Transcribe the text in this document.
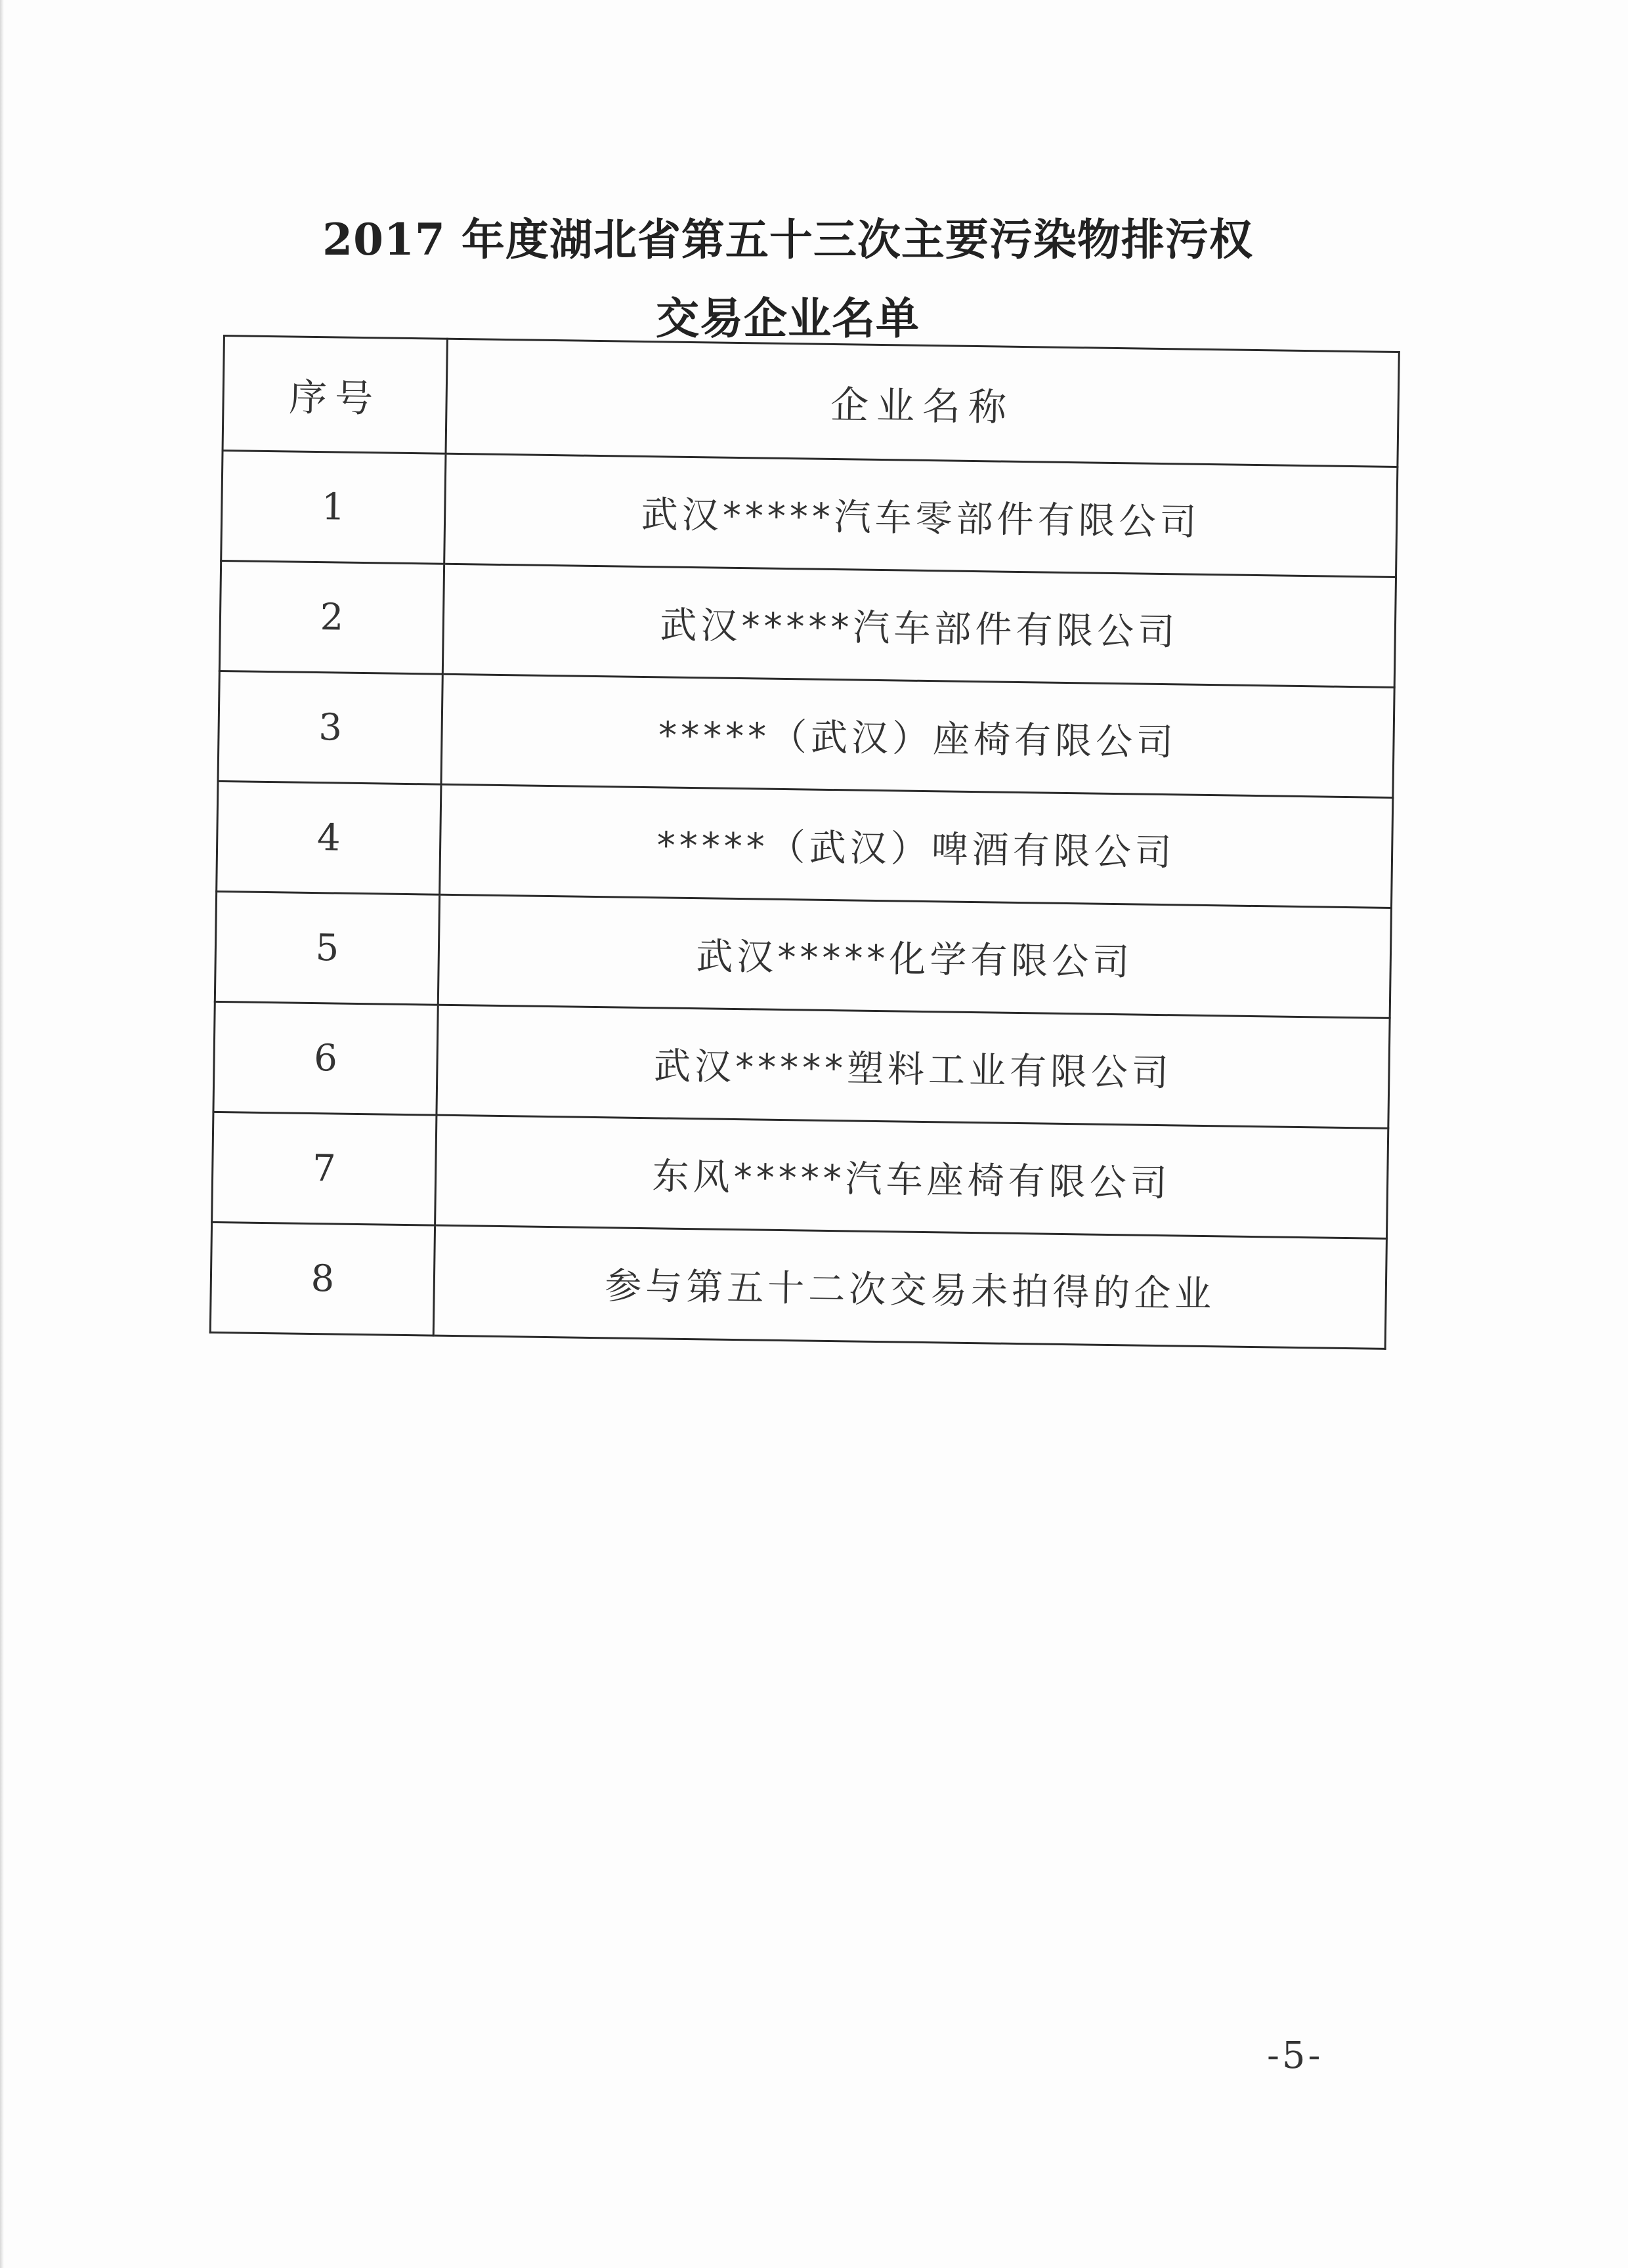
2017 年度湖北省第五十三次主要污染物排污权
交易企业名单
序号	企业名称
1	武汉*****汽车零部件有限公司
2	武汉*****汽车部件有限公司
3	*****（武汉）座椅有限公司
4	*****（武汉）啤酒有限公司
5	武汉*****化学有限公司
6	武汉*****塑料工业有限公司
7	东风*****汽车座椅有限公司
8	参与第五十二次交易未拍得的企业
-5-
